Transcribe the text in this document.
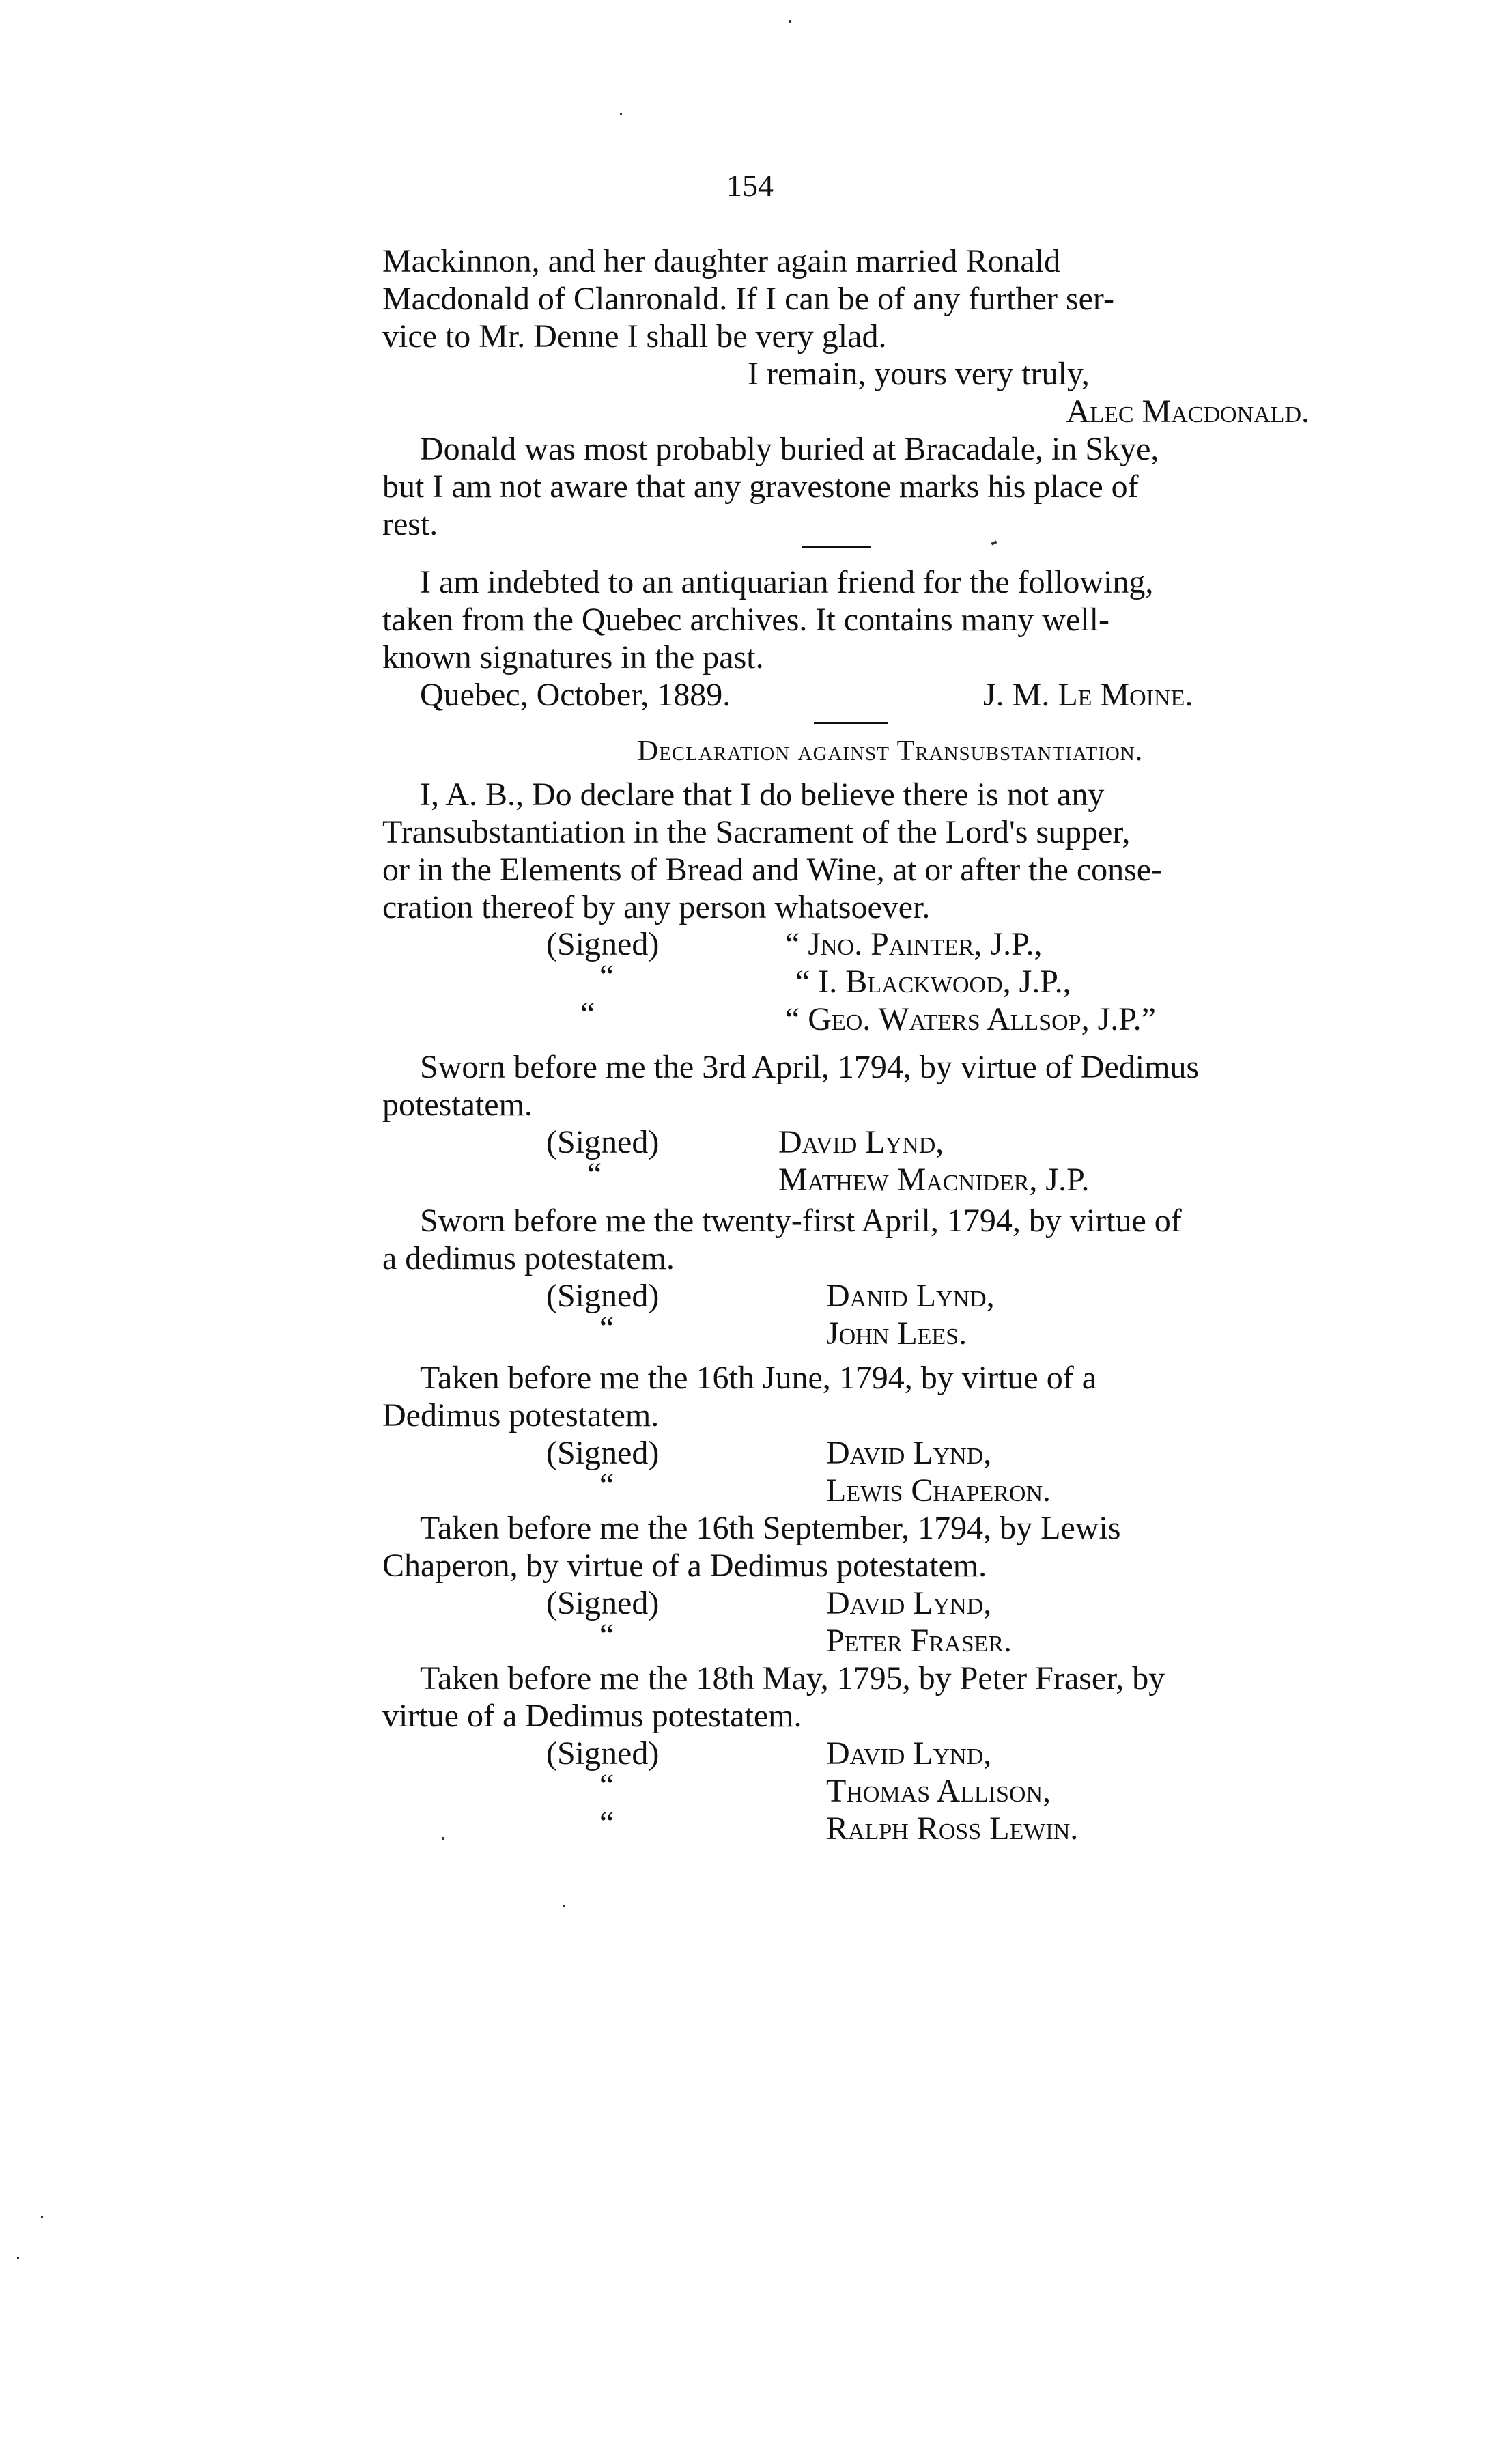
154

Mackinnon, and her daughter again married Ronald

Macdonald of Clanronald. If I can be of any further ser-

vice to Mr. Denne I shall be very glad.

I remain, yours very truly,

Alec Macdonald.

Donald was most probably buried at Bracadale, in Skye,

but I am not aware that any gravestone marks his place of

rest.

I am indebted to an antiquarian friend for the following,

taken from the Quebec archives. It contains many well-

known signatures in the past.

Quebec, October, 1889.	J. M. Le Moine.

Declaration against Transubstantiation.

I, A. B., Do declare that I do believe there is not any

Transubstantiation in the Sacrament of the Lord's supper,

or in the Elements of Bread and Wine, at or after the conse-

cration thereof by any person whatsoever.

(Signed)	“ Jno. Painter, J.P.,
“	“ I. Blackwood, J.P.,
“	“ Geo. Waters Allsop, J.P.”

Sworn before me the 3rd April, 1794, by virtue of Dedimus

potestatem.

(Signed)	David Lynd,
“	Mathew Macnider, J.P.

Sworn before me the twenty-first April, 1794, by virtue of

a dedimus potestatem.

(Signed)	Danid Lynd,
“	John Lees.

Taken before me the 16th June, 1794, by virtue of a

Dedimus potestatem.

(Signed)	David Lynd,
“	Lewis Chaperon.

Taken before me the 16th September, 1794, by Lewis

Chaperon, by virtue of a Dedimus potestatem.

(Signed)	David Lynd,
“	Peter Fraser.

Taken before me the 18th May, 1795, by Peter Fraser, by

virtue of a Dedimus potestatem.

(Signed)	David Lynd,
“	Thomas Allison,
“	Ralph Ross Lewin.
